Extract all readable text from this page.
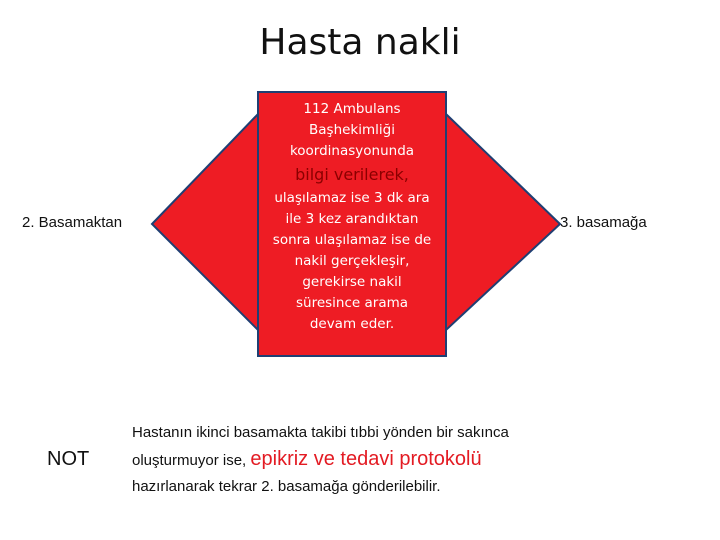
Hasta nakli
2. Basamaktan	3. basamağa
112 Ambulans
Başhekimliği
koordinasyonunda
bilgi verilerek,
ulaşılamaz ise 3 dk ara
ile 3 kez arandıktan
sonra ulaşılamaz ise de
nakil gerçekleşir,
gerekirse nakil
süresince arama
devam eder.
NOT
Hastanın ikinci basamakta takibi tıbbi yönden bir sakınca
oluşturmuyor ise, epikriz ve tedavi protokolü
hazırlanarak tekrar 2. basamağa gönderilebilir.
